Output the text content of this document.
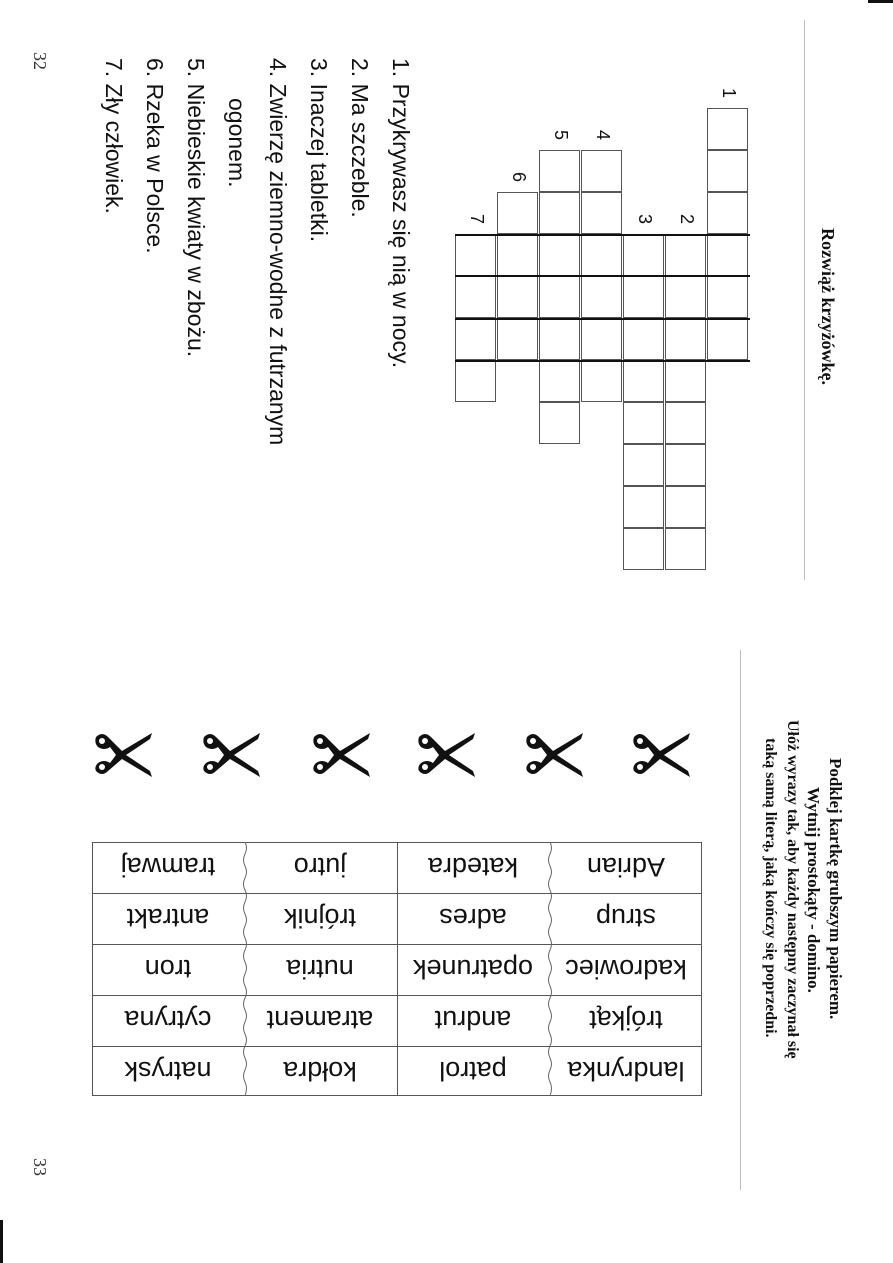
32
33
Rozwiąż krzyżówkę.
1
2
3
4
5
6
7
1. Przykrywasz się nią w nocy.
2. Ma szczeble.
3. Inaczej tabletki.
4. Zwierzę ziemno-wodne z futrzanym
ogonem.
5. Niebieskie kwiaty w zbożu.
6. Rzeka w Polsce.
7. Zły człowiek.
Podklej kartkę grubszym papierem.
Wytnij prostokąty - domino.
Ułóż wyrazy tak, aby każdy następny zaczynał się
taką samą literą, jaką kończy się poprzedni.
tramwaj	jutro	katedra	Adrian
antrakt	trójnik	adres	strup
tron	nutria	opatrunek	kadrowiec
cytryna	atrament	andrut	trójkąt
natrysk	kołdra	patrol	landrynka
